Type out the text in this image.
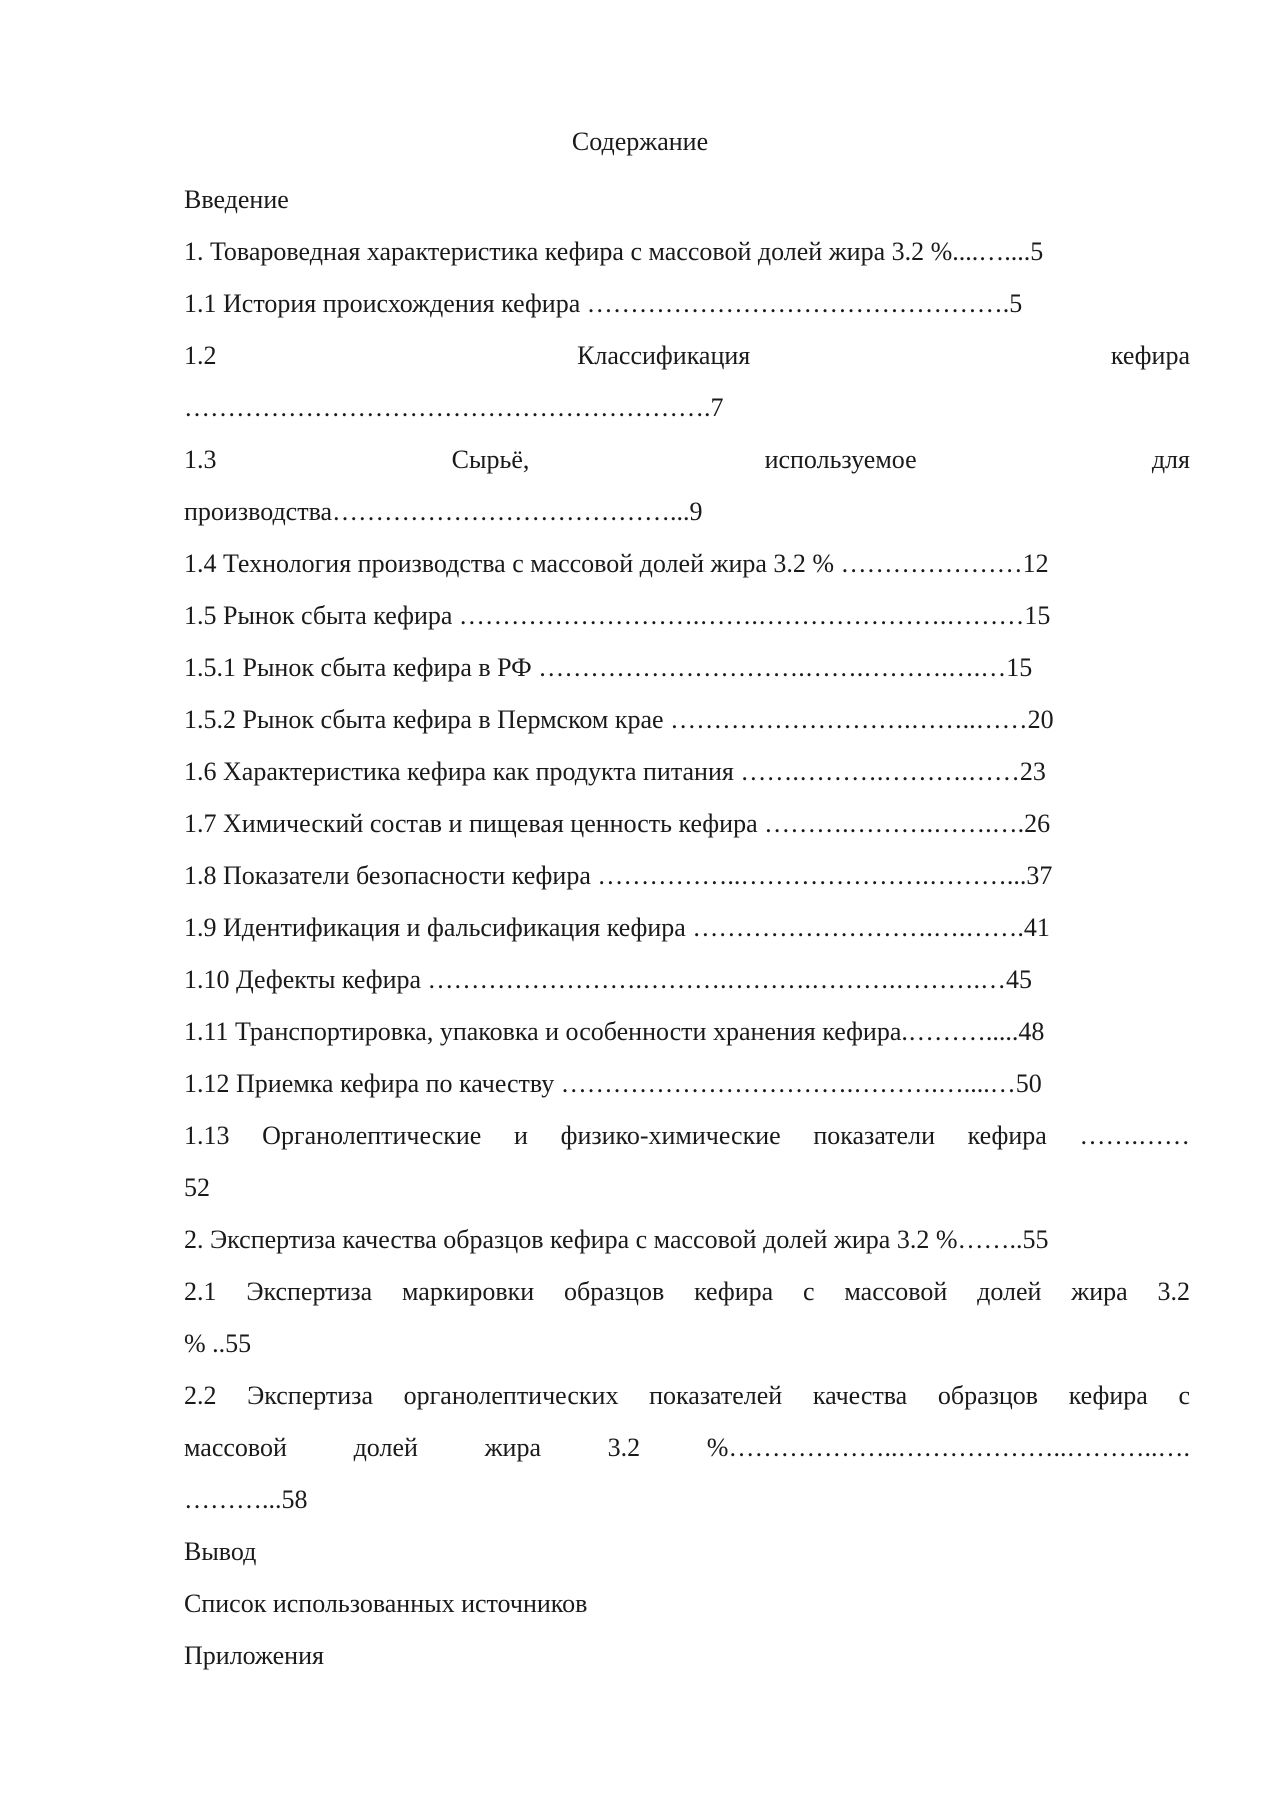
Содержание
Введение
1. Товароведная характеристика кефира с массовой долей жира 3.2 %....…....5
1.1 История происхождения кефира ………………………………………….5
1.2	Классификация	кефира
…………………………………………………….7
1.3	Сырьё,	используемое	для
производства…………………………………...9
1.4 Технология производства с массовой долей жира 3.2 % …………………12
1.5 Рынок сбыта кефира ……………………….…….………………….………15
1.5.1 Рынок сбыта кефира в РФ ………………………….…….……….….…15
1.5.2 Рынок сбыта кефира в Пермском крае ……………………….……..……20
1.6 Характеристика кефира как продукта питания …….……….……….……23
1.7 Химический состав и пищевая ценность кефира ……….……….…….….26
1.8 Показатели безопасности кефира ……………..………………….………...37
1.9 Идентификация и фальсификация кефира ……………………….….…….41
1.10 Дефекты кефира …………………….……….……….……….……….…45
1.11 Транспортировка, упаковка и особенности хранения кефира.……….....48
1.12 Приемка кефира по качеству …………………………….……….…....…50
1.13 Органолептические и физико-химические показатели кефира …….……
52
2. Экспертиза качества образцов кефира с массовой долей жира 3.2 %……..55
2.1 Экспертиза маркировки образцов кефира с массовой долей жира 3.2
% ..55
2.2 Экспертиза органолептических показателей качества образцов кефира с
массовой	долей	жира	3.2	%………………..………………..………..….
………...58
Вывод
Список использованных источников
Приложения
